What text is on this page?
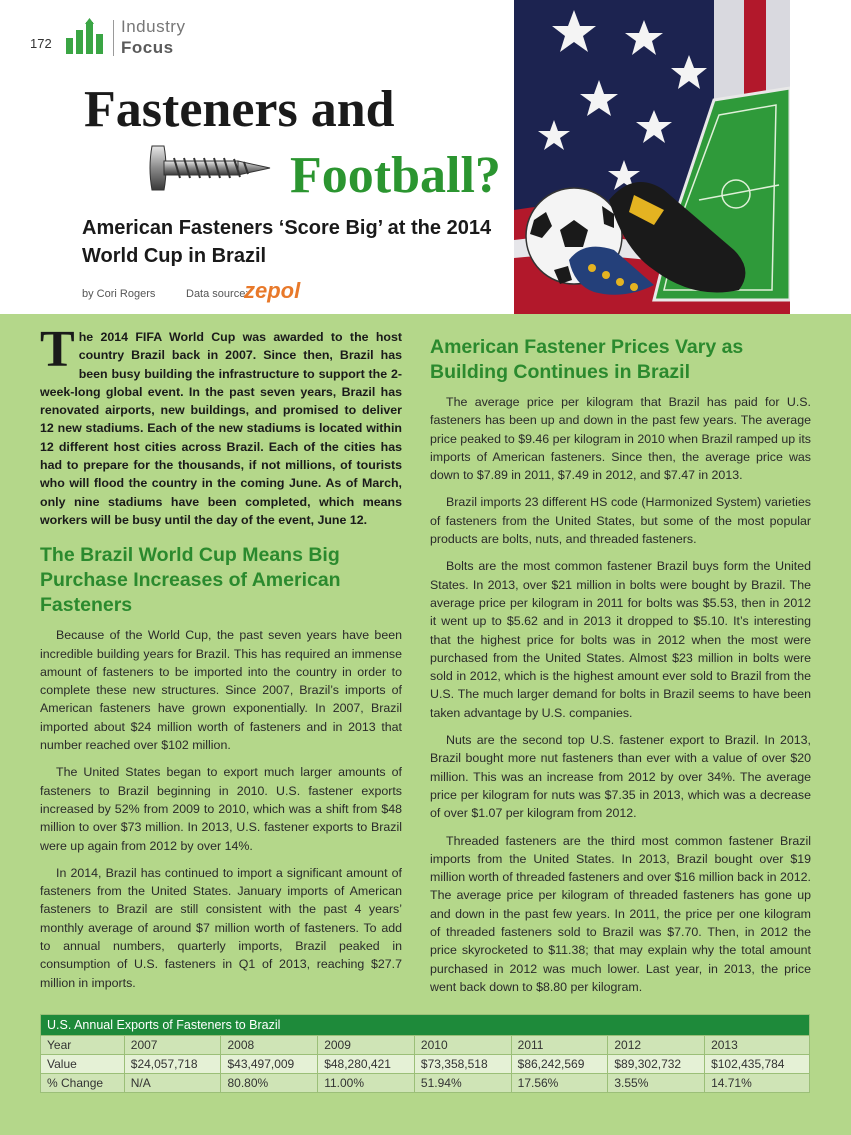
172
Industry
Focus
Fasteners and
Football?
American Fasteners ‘Score Big’ at the 2014 World Cup in Brazil
by Cori Rogers	Data source:
zepol
The 2014 FIFA World Cup was awarded to the host country Brazil back in 2007. Since then, Brazil has been busy building the infrastructure to support the 2-week-long global event. In the past seven years, Brazil has renovated airports, new buildings, and promised to deliver 12 new stadiums. Each of the new stadiums is located within 12 different host cities across Brazil. Each of the cities has had to prepare for the thousands, if not millions, of tourists who will flood the country in the coming June. As of March, only nine stadiums have been completed, which means workers will be busy until the day of the event, June 12.
The Brazil World Cup Means Big Purchase Increases of American Fasteners

Because of the World Cup, the past seven years have been incredible building years for Brazil. This has required an immense amount of fasteners to be imported into the country in order to complete these new structures. Since 2007, Brazil’s imports of American fasteners have grown exponentially. In 2007, Brazil imported about $24 million worth of fasteners and in 2013 that number reached over $102 million.

The United States began to export much larger amounts of fasteners to Brazil beginning in 2010. U.S. fastener exports increased by 52% from 2009 to 2010, which was a shift from $48 million to over $73 million. In 2013, U.S. fastener exports to Brazil were up again from 2012 by over 14%.

In 2014, Brazil has continued to import a significant amount of fasteners from the United States. January imports of American fasteners to Brazil are still consistent with the past 4 years’ monthly average of around $7 million worth of fasteners. To add to annual numbers, quarterly imports, Brazil peaked in consumption of U.S. fasteners in Q1 of 2013, reaching $27.7 million in imports.

American Fastener Prices Vary as Building Continues in Brazil

The average price per kilogram that Brazil has paid for U.S. fasteners has been up and down in the past few years. The average price peaked to $9.46 per kilogram in 2010 when Brazil ramped up its imports of American fasteners. Since then, the average price was down to $7.89 in 2011, $7.49 in 2012, and $7.47 in 2013.

Brazil imports 23 different HS code (Harmonized System) varieties of fasteners from the United States, but some of the most popular products are bolts, nuts, and threaded fasteners.

Bolts are the most common fastener Brazil buys form the United States. In 2013, over $21 million in bolts were bought by Brazil. The average price per kilogram in 2011 for bolts was $5.53, then in 2012 it went up to $5.62 and in 2013 it dropped to $5.10. It’s interesting that the highest price for bolts was in 2012 when the most were purchased from the United States. Almost $23 million in bolts were sold in 2012, which is the highest amount ever sold to Brazil from the U.S. The much larger demand for bolts in Brazil seems to have been taken advantage by U.S. companies.

Nuts are the second top U.S. fastener export to Brazil. In 2013, Brazil bought more nut fasteners than ever with a value of over $20 million. This was an increase from 2012 by over 34%. The average price per kilogram for nuts was $7.35 in 2013, which was a decrease of over $1.07 per kilogram from 2012.

Threaded fasteners are the third most common fastener Brazil imports from the United States. In 2013, Brazil bought over $19 million worth of threaded fasteners and over $16 million back in 2012. The average price per kilogram of threaded fasteners has gone up and down in the past few years. In 2011, the price per one kilogram of threaded fasteners sold to Brazil was $7.70. Then, in 2012 the price skyrocketed to $11.38; that may explain why the total amount purchased in 2012 was much lower. Last year, in 2013, the price went back down to $8.80 per kilogram.

U.S. Annual Exports of Fasteners to Brazil							
Year	2007	2008	2009	2010	2011	2012	2013
Value	$24,057,718	$43,497,009	$48,280,421	$73,358,518	$86,242,569	$89,302,732	$102,435,784
% Change	N/A	80.80%	11.00%	51.94%	17.56%	3.55%	14.71%
